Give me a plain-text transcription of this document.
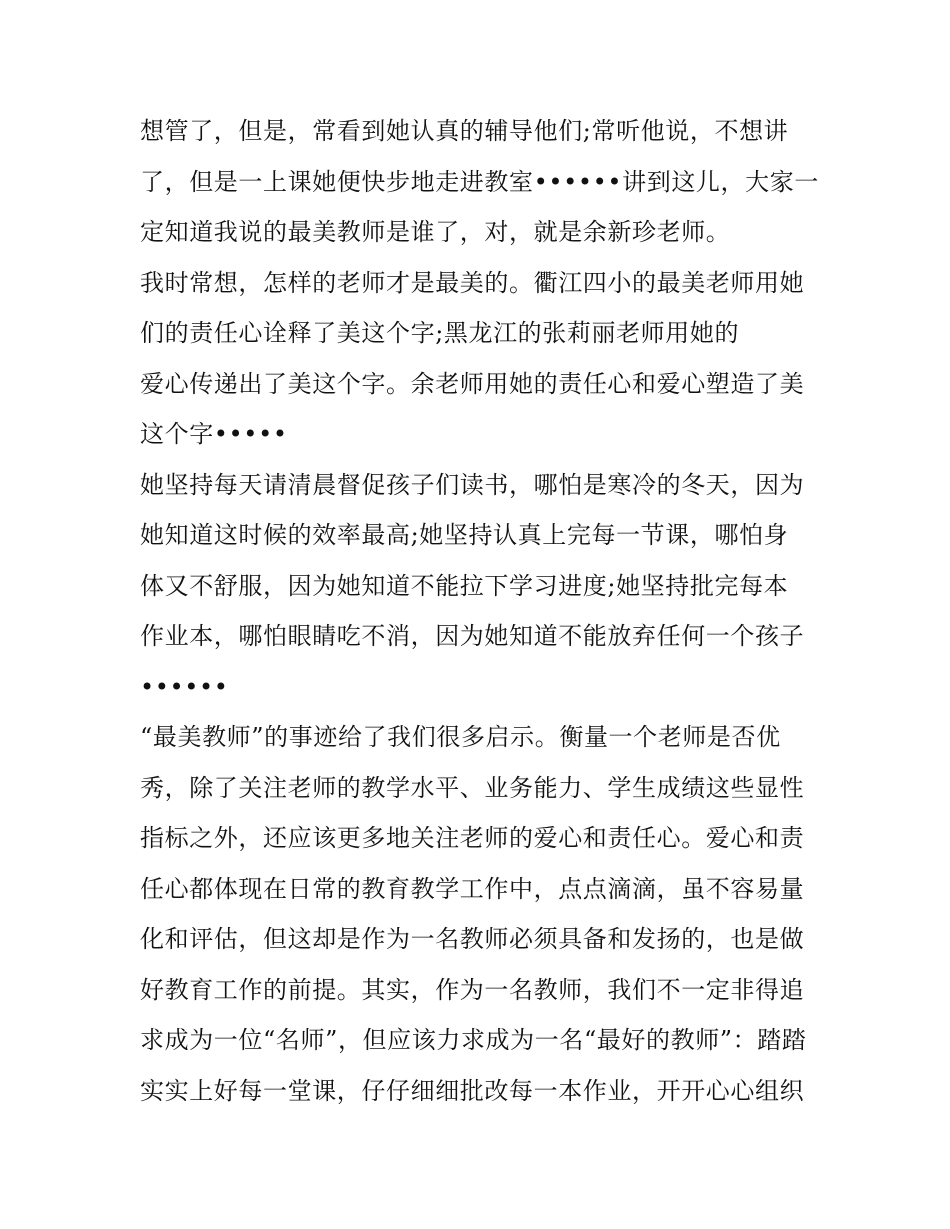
想管了，但是，常看到她认真的辅导他们;常听他说，不想讲
了，但是一上课她便快步地走进教室••••••讲到这儿，大家一
定知道我说的最美教师是谁了，对，就是余新珍老师。
我时常想，怎样的老师才是最美的。衢江四小的最美老师用她
们的责任心诠释了美这个字;黑龙江的张莉丽老师用她的
爱心传递出了美这个字。余老师用她的责任心和爱心塑造了美
这个字•••••
她坚持每天请清晨督促孩子们读书，哪怕是寒冷的冬天，因为
她知道这时候的效率最高;她坚持认真上完每一节课，哪怕身
体又不舒服，因为她知道不能拉下学习进度;她坚持批完每本
作业本，哪怕眼睛吃不消，因为她知道不能放弃任何一个孩子
••••••
“最美教师”的事迹给了我们很多启示。衡量一个老师是否优
秀，除了关注老师的教学水平、业务能力、学生成绩这些显性
指标之外，还应该更多地关注老师的爱心和责任心。爱心和责
任心都体现在日常的教育教学工作中，点点滴滴，虽不容易量
化和评估，但这却是作为一名教师必须具备和发扬的，也是做
好教育工作的前提。其实，作为一名教师，我们不一定非得追
求成为一位“名师”，但应该力求成为一名“最好的教师”：踏踏
实实上好每一堂课，仔仔细细批改每一本作业，开开心心组织
